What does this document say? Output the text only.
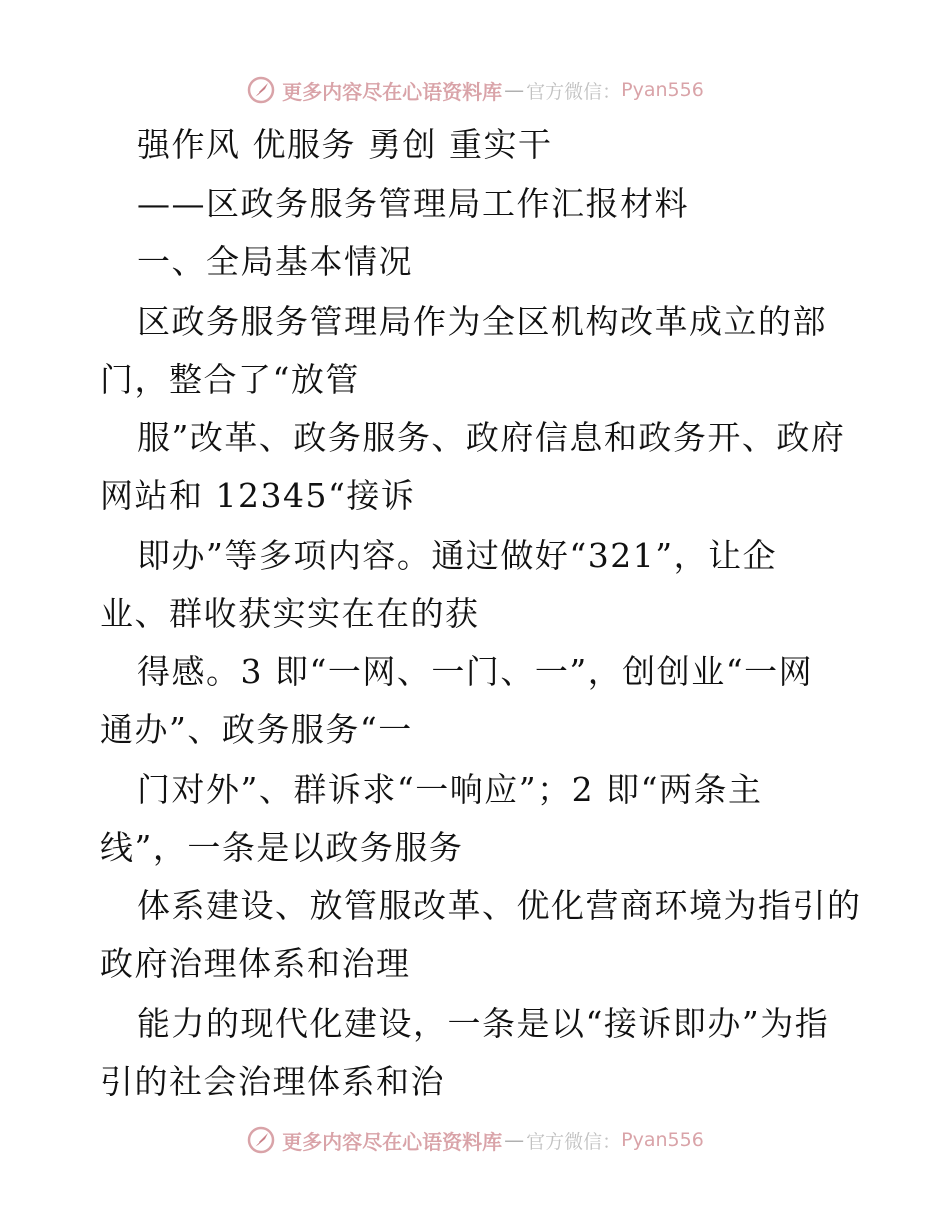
更多内容尽在心语资料库 — 官方微信： Pyan556
强作风 优服务 勇创 重实干
——区政务服务管理局工作汇报材料
一、全局基本情况
区政务服务管理局作为全区机构改革成立的部
门，整合了“放管
服”改革、政务服务、政府信息和政务开、政府
网站和 12345“接诉
即办”等多项内容。通过做好“321”，让企
业、群收获实实在在的获
得感。3 即“一网、一门、一”，创创业“一网
通办”、政务服务“一
门对外”、群诉求“一响应”；2 即“两条主
线”，一条是以政务服务
体系建设、放管服改革、优化营商环境为指引的
政府治理体系和治理
能力的现代化建设，一条是以“接诉即办”为指
引的社会治理体系和治
更多内容尽在心语资料库 — 官方微信： Pyan556
